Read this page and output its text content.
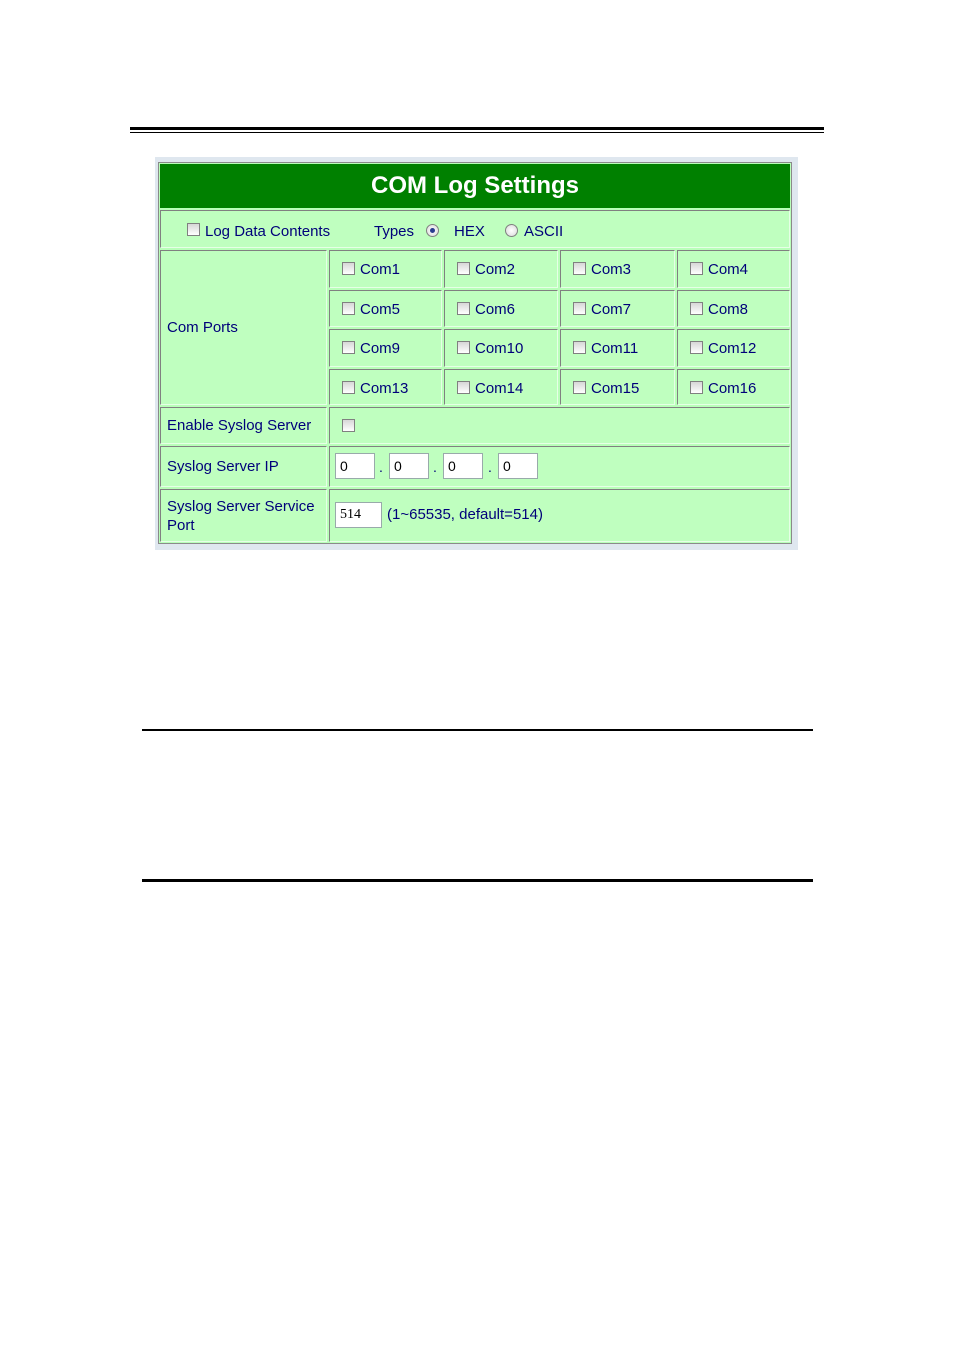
COM Log Settings
Log Data Contents	Types	HEX	ASCII
Com Ports
Com1	Com2	Com3	Com4
Com5	Com6	Com7	Com8
Com9	Com10	Com11	Com12
Com13	Com14	Com15	Com16
Enable Syslog Server
Syslog Server IP	0	. 0	. 0	. 0
Syslog Server Service
Port
514	(1~65535, default=514)
